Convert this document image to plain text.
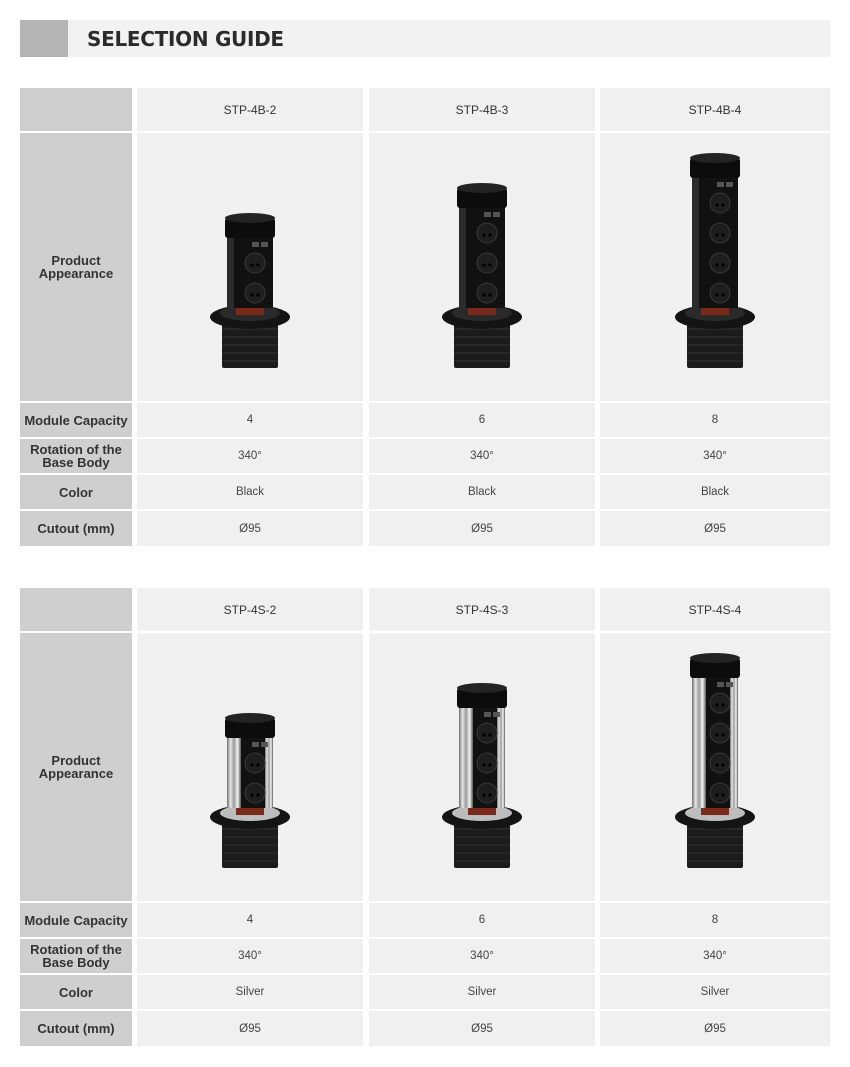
SELECTION GUIDE
STP-4B-2	STP-4B-3	STP-4B-4
Product
Appearance
Module Capacity	4	6	8
Rotation of the
Base Body	340°	340°	340°
Color	Black	Black	Black
Cutout (mm)	Ø95	Ø95	Ø95
STP-4S-2	STP-4S-3	STP-4S-4
Product
Appearance
Module Capacity	4	6	8
Rotation of the
Base Body	340°	340°	340°
Color	Silver	Silver	Silver
Cutout (mm)	Ø95	Ø95	Ø95
